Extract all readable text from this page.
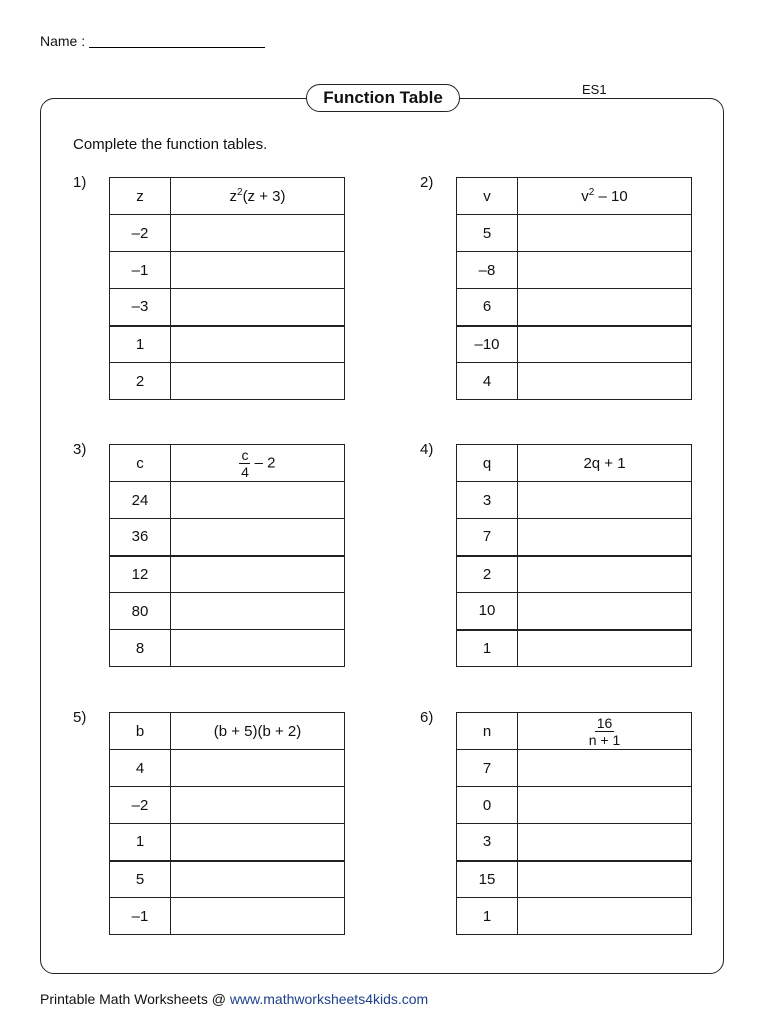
Name :
ES1
Function Table
Complete the function tables.
1)
z	$z^2(z + 3)$
–2	
–1	
–3	
1	
2	
2)
v	$v^2 - 10$
5	
–8	
6	
–10	
4	
3)
c	$\frac{c}{4} - 2$
24	
36	
12	
80	
8	
4)
q	2q + 1
3	
7	
2	
10	
1	
5)
b	(b + 5)(b + 2)
4	
–2	
1	
5	
–1	
6)
n	$\frac{16}{n + 1}$

7	
0	
3	
15	
1	
Printable Math Worksheets @ www.mathworksheets4kids.com
